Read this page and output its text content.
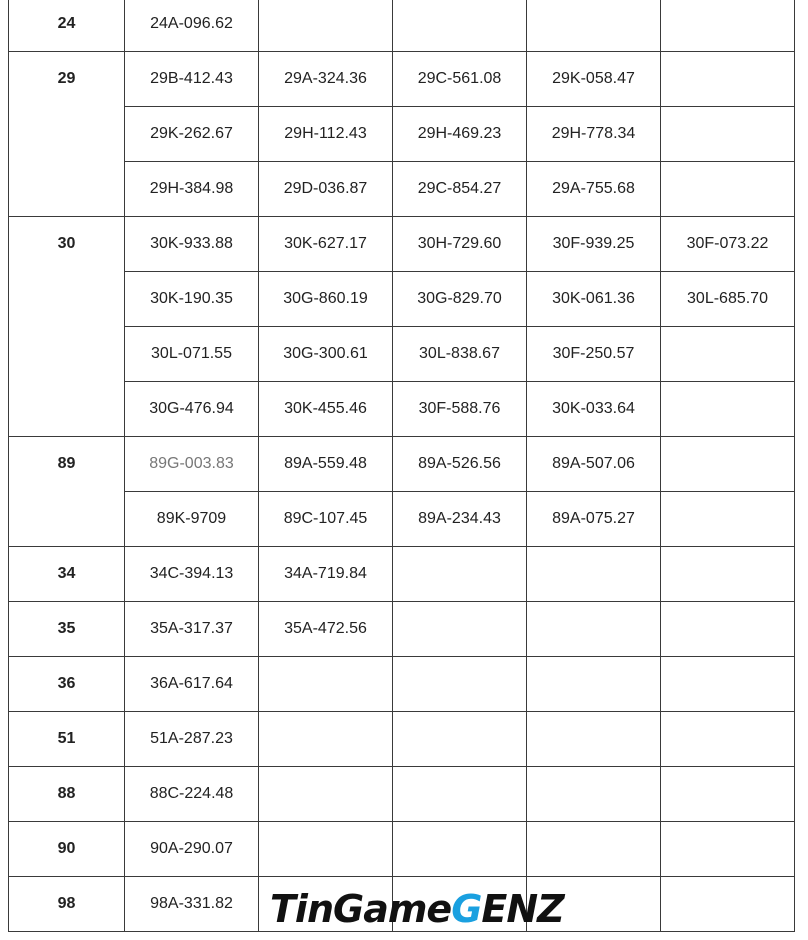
24	24A-096.62				
29	29B-412.43	29A-324.36	29C-561.08	29K-058.47	
	29K-262.67	29H-112.43	29H-469.23	29H-778.34	
	29H-384.98	29D-036.87	29C-854.27	29A-755.68	
30	30K-933.88	30K-627.17	30H-729.60	30F-939.25	30F-073.22
	30K-190.35	30G-860.19	30G-829.70	30K-061.36	30L-685.70
	30L-071.55	30G-300.61	30L-838.67	30F-250.57	
	30G-476.94	30K-455.46	30F-588.76	30K-033.64	
89	89G-003.83	89A-559.48	89A-526.56	89A-507.06	
	89K-9709	89C-107.45	89A-234.43	89A-075.27	
34	34C-394.13	34A-719.84			
35	35A-317.37	35A-472.56			
36	36A-617.64				
51	51A-287.23				
88	88C-224.48				
90	90A-290.07				
98	98A-331.82				TinGameGENZ
